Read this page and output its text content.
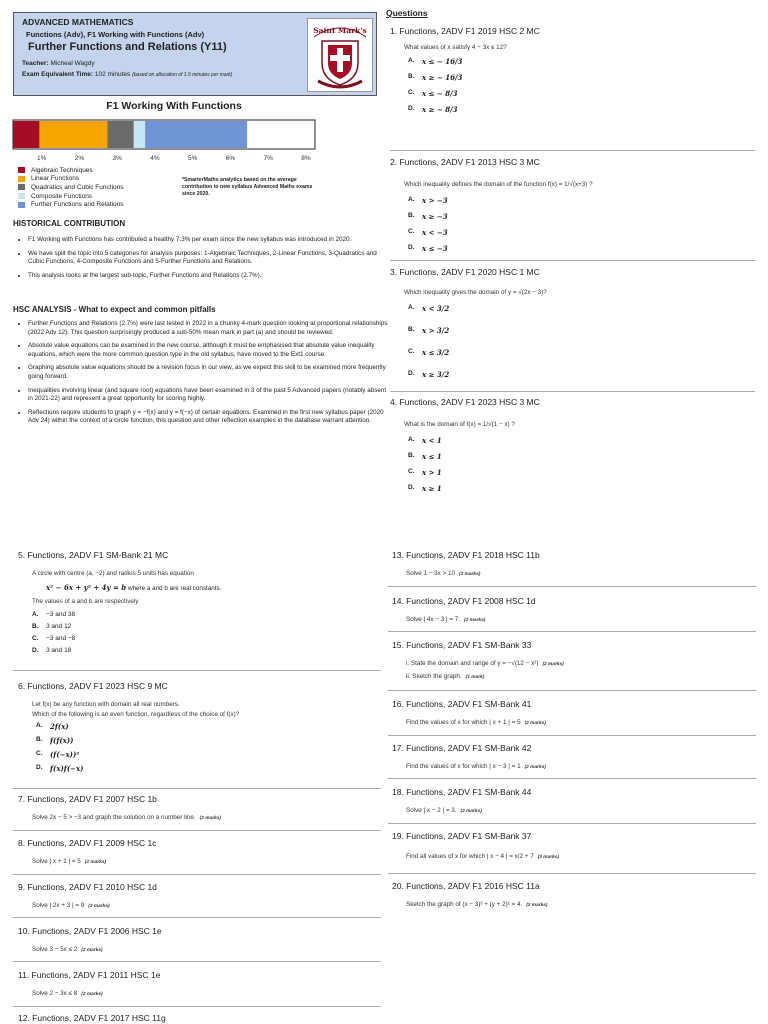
ADVANCED MATHEMATICS
Functions (Adv), F1 Working with Functions (Adv)
Further Functions and Relations (Y11)
Teacher: Micheal Wagdy
Exam Equivalent Time: 102 minutes (based on allocation of 1.5 minutes per mark)
Saint Mark's
F1 Working With Functions
1%	2%	3%	4%	5%	6%	7%	8%
Algebraic Techniques
Linear Functions
Quadratics and Cubic Functions
Composite Functions
Further Functions and Relations
*SmarterMaths analytics based on the average contribution to new syllabus Advanced Maths exams since 2020.
HISTORICAL CONTRIBUTION
• F1 Working with Functions has contributed a healthy 7.3% per exam since the new syllabus was introduced in 2020.
• We have split the topic into 5 categories for analysis purposes: 1-Algebraic Techniques, 2-Linear Functions, 3-Quadratics and Cubic Functions, 4-Composite Functions and 5-Further Functions and Relations.
• This analysis looks at the largest sub-topic, Further Functions and Relations (2.7%).
HSC ANALYSIS - What to expect and common pitfalls
• Further Functions and Relations (2.7%) were last tested in 2022 in a chunky 4-mark question looking at proportional relationships (2022 Adv 12). This question surprisingly produced a sub-50% mean mark in part (a) and should be reviewed.
• Absolute value equations can be examined in the new course, although it must be emphasised that absolute value inequality equations, which were the more common question type in the old syllabus, have moved to the Ext1 course.
• Graphing absolute value equations should be a revision focus in our view, as we expect this skill to be examined more frequently going forward.
• Inequalities involving linear (and square root) equations have been examined in 3 of the past 5 Advanced papers (notably absent in 2021-22) and represent a great opportunity for scoring highly.
• Reflections require students to graph y = −f(x) and y = f(−x) of certain equations. Examined in the first new syllabus paper (2020 Adv 24) within the context of a circle function, this question and other reflection examples in the database warrant attention.
Questions
1. Functions, 2ADV F1 2019 HSC 2 MC
What values of x satisfy 4 − 3x ≤ 12?
A.	x ≤ − 16/3
B.	x ≥ − 16/3
C.	x ≤ − 8/3
D.	x ≥ − 8/3
2. Functions, 2ADV F1 2013 HSC 3 MC
Which inequality defines the domain of the function f(x) = 1/√(x+3) ?
A.	x > −3
B.	x ≥ −3
C.	x < −3
D.	x ≤ −3
3. Functions, 2ADV F1 2020 HSC 1 MC
Which inequality gives the domain of y = √(2x − 3)?
A.	x < 3/2
B.	x > 3/2
C.	x ≤ 3/2
D.	x ≥ 3/2
4. Functions, 2ADV F1 2023 HSC 3 MC
What is the domain of f(x) = 1/√(1 − x) ?
A.	x < 1
B.	x ≤ 1
C.	x > 1
D.	x ≥ 1
5. Functions, 2ADV F1 SM-Bank 21 MC
A circle with centre (a, −2) and radius 5 units has equation
x² − 6x + y² + 4y = b where a and b are real constants.
The values of a and b are respectively
A.	−3 and 38
B.	3 and 12
C.	−3 and −8
D.	3 and 18
6. Functions, 2ADV F1 2023 HSC 9 MC
Let f(x) be any function with domain all real numbers.
Which of the following is an even function, regardless of the choice of f(x)?
A.	2f(x)
B.	f(f(x))
C.	(f(−x))²
D.	f(x)f(−x)
7. Functions, 2ADV F1 2007 HSC 1b
Solve 2x − 5 > −3 and graph the solution on a number line. (2 marks)
8. Functions, 2ADV F1 2009 HSC 1c
Solve | x + 1 | = 5 (2 marks)
9. Functions, 2ADV F1 2010 HSC 1d
Solve | 2x + 3 | = 9 (2 marks)
10. Functions, 2ADV F1 2006 HSC 1e
Solve 3 − 5x ≤ 2 (2 marks)
11. Functions, 2ADV F1 2011 HSC 1e
Solve 2 − 3x ≤ 8 (2 marks)
12. Functions, 2ADV F1 2017 HSC 11g
13. Functions, 2ADV F1 2018 HSC 11b
Solve 1 − 3x > 10 (2 marks)
14. Functions, 2ADV F1 2008 HSC 1d
Solve | 4x − 3 | = 7. (2 marks)
15. Functions, 2ADV F1 SM-Bank 33
i. State the domain and range of y = −√(12 − x²) (2 marks)
ii. Sketch the graph. (1 mark)
16. Functions, 2ADV F1 SM-Bank 41
Find the values of x for which | x + 1 | = 5 (2 marks)
17. Functions, 2ADV F1 SM-Bank 42
Find the values of x for which | x − 3 | = 1 (2 marks)
18. Functions, 2ADV F1 SM-Bank 44
Solve | x − 2 | = 3. (2 marks)
19. Functions, 2ADV F1 SM-Bank 37
Find all values of x for which | x − 4 | = x/2 + 7 (3 marks)
20. Functions, 2ADV F1 2016 HSC 11a
Sketch the graph of (x − 3)² + (y + 2)² = 4. (2 marks)
